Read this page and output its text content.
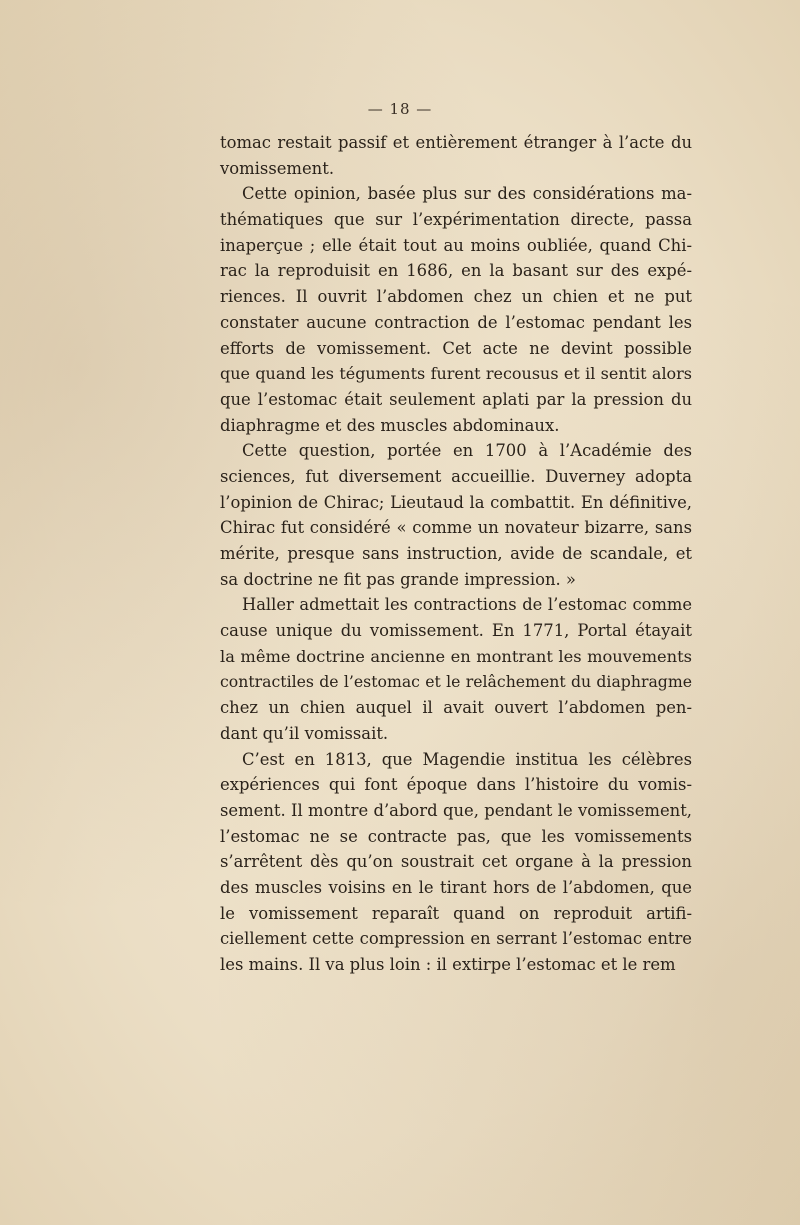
— 18 —
tomac restait passif et entièrement étranger à l’acte du
vomissement.
Cette opinion, basée plus sur des considérations ma-
thématiques que sur l’expérimentation directe, passa
inaperçue ; elle était tout au moins oubliée, quand Chi-
rac la reproduisit en 1686, en la basant sur des expé-
riences. Il ouvrit l’abdomen chez un chien et ne put
constater aucune contraction de l’estomac pendant les
efforts de vomissement. Cet acte ne devint possible
que quand les téguments furent recousus et il sentit alors
que l’estomac était seulement aplati par la pression du
diaphragme et des muscles abdominaux.
Cette question, portée en 1700 à l’Académie des
sciences, fut diversement accueillie. Duverney adopta
l’opinion de Chirac; Lieutaud la combattit. En définitive,
Chirac fut considéré « comme un novateur bizarre, sans
mérite, presque sans instruction, avide de scandale, et
sa doctrine ne fit pas grande impression. »
Haller admettait les contractions de l’estomac comme
cause unique du vomissement. En 1771, Portal étayait
la même doctrine ancienne en montrant les mouvements
contractiles de l’estomac et le relâchement du diaphragme
chez un chien auquel il avait ouvert l’abdomen pen-
dant qu’il vomissait.
C’est en 1813, que Magendie institua les célèbres
expériences qui font époque dans l’histoire du vomis-
sement. Il montre d’abord que, pendant le vomissement,
l’estomac ne se contracte pas, que les vomissements
s’arrêtent dès qu’on soustrait cet organe à la pression
des muscles voisins en le tirant hors de l’abdomen, que
le vomissement reparaît quand on reproduit artifi-
ciellement cette compression en serrant l’estomac entre
les mains. Il va plus loin : il extirpe l’estomac et le rem
